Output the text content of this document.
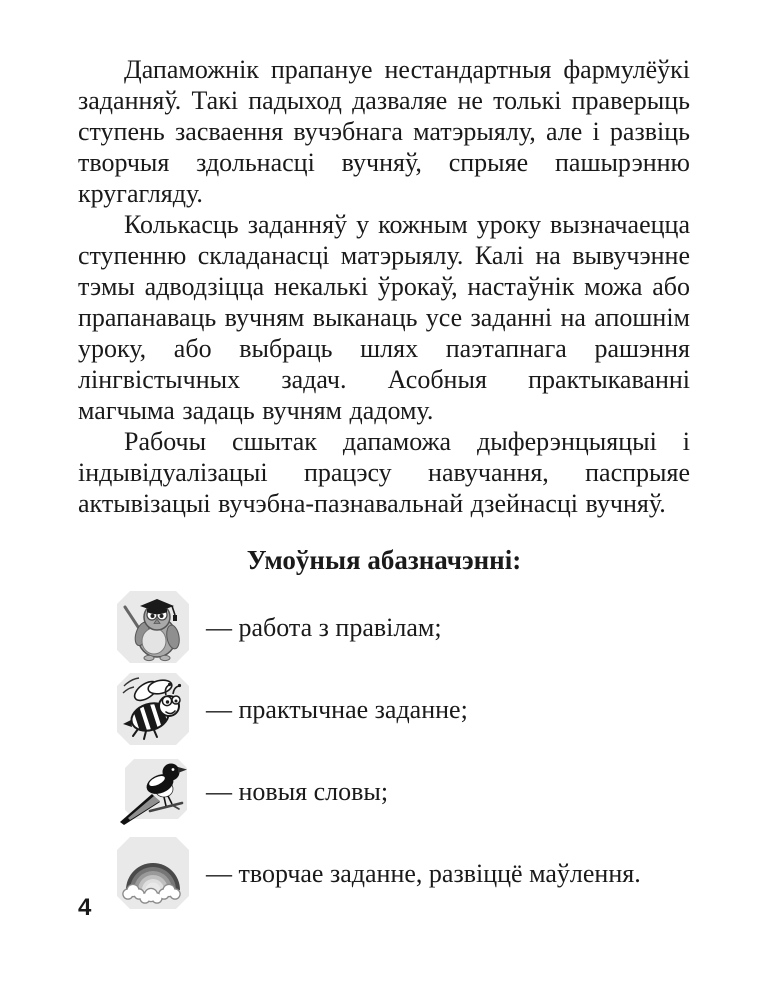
Дапаможнік прапануе нестандартныя фармулёўкі заданняў. Такі падыход дазваляе не толькі праверыць ступень засваення вучэбнага матэрыялу, але і развіць творчыя здольнасці вучняў, спрыяе пашырэнню кругагляду.

Колькасць заданняў у кожным уроку вызначаецца ступенню складанасці матэрыялу. Калі на вывучэнне тэмы адводзіцца некалькі ўрокаў, настаўнік можа або прапанаваць вучням выканаць усе заданні на апошнім уроку, або выбраць шлях паэтапнага рашэння лінгвістычных задач. Асобныя практыкаванні магчыма задаць вучням дадому.

Рабочы сшытак дапаможа дыферэнцыяцыі і індывідуалізацыі працэсу навучання, паспрыяе актывізацыі вучэбна-пазнавальнай дзейнасці вучняў.

Умоўныя абазначэнні:
— работа з правілам;
— практычнае заданне;
— новыя словы;
— творчае заданне, развіццё маўлення.
4
